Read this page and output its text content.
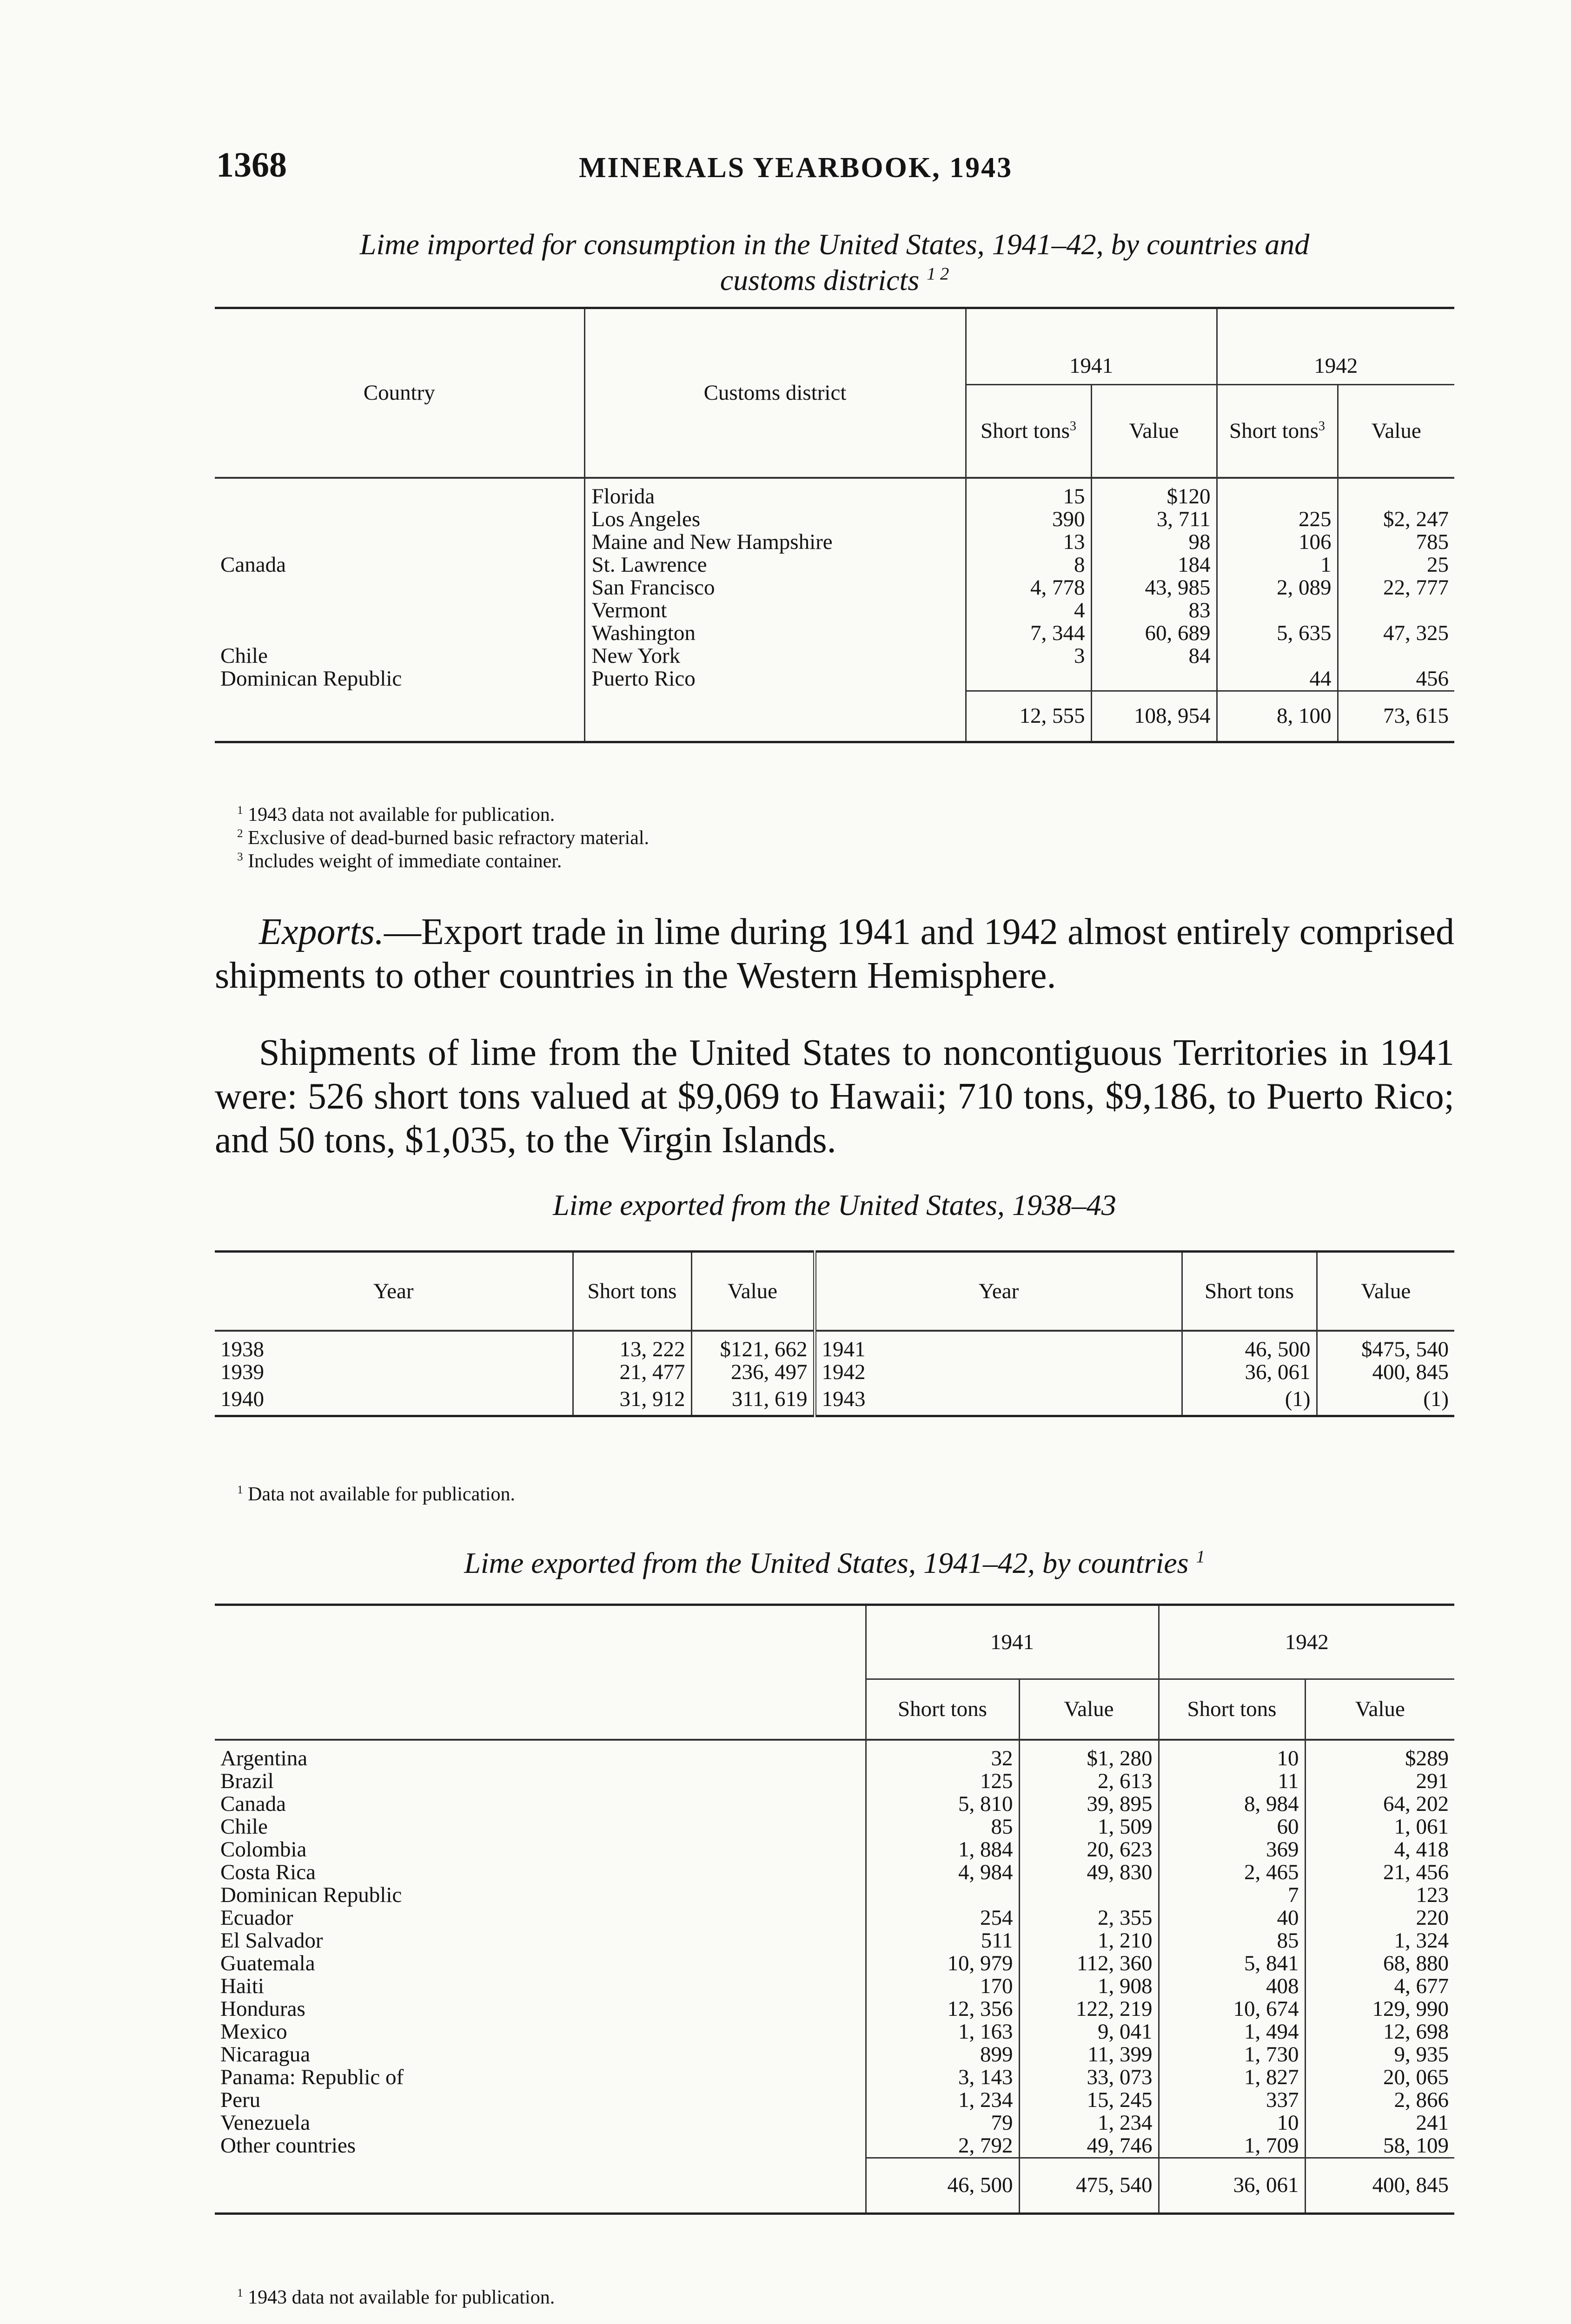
1368	MINERALS YEARBOOK, 1943
Lime imported for consumption in the United States, 1941–42, by countries and
customs districts $^{1 2}$
Country	Customs district	1941		1942	
		Short tons$^3$	Value	Short tons$^3$	Value
	Florida	15	$120		
	Los Angeles	390	3, 711	225	$2, 247
	Maine and New Hampshire	13	98	106	785
Canada	St. Lawrence	8	184	1	25
	San Francisco	4, 778	43, 985	2, 089	22, 777
	Vermont	4	83		
	Washington	7, 344	60, 689	5, 635	47, 325
Chile	New York	3	84		
Dominican Republic	Puerto Rico			44	456
		12, 555	108, 954	8, 100	73, 615
$^1$ 1943 data not available for publication.
$^2$ Exclusive of dead-burned basic refractory material.
$^3$ Includes weight of immediate container.
Exports.—Export trade in lime during 1941 and 1942 almost entirely comprised shipments to other countries in the Western Hemisphere.
Shipments of lime from the United States to noncontiguous Territories in 1941 were: 526 short tons valued at $9,069 to Hawaii; 710 tons, $9,186, to Puerto Rico; and 50 tons, $1,035, to the Virgin Islands.
Lime exported from the United States, 1938–43
Year	Short tons	Value	Year	Short tons	Value
1938	13, 222	$121, 662	1941	46, 500	$475, 540
1939	21, 477	236, 497	1942	36, 061	400, 845
1940	31, 912	311, 619	1943	(1)	(1)
$^1$ Data not available for publication.
Lime exported from the United States, 1941–42, by countries $^1$
	1941		1942	
	Short tons	Value	Short tons	Value
Argentina	32	$1, 280	10	$289
Brazil	125	2, 613	11	291
Canada	5, 810	39, 895	8, 984	64, 202
Chile	85	1, 509	60	1, 061
Colombia	1, 884	20, 623	369	4, 418
Costa Rica	4, 984	49, 830	2, 465	21, 456
Dominican Republic			7	123
Ecuador	254	2, 355	40	220
El Salvador	511	1, 210	85	1, 324
Guatemala	10, 979	112, 360	5, 841	68, 880
Haiti	170	1, 908	408	4, 677
Honduras	12, 356	122, 219	10, 674	129, 990
Mexico	1, 163	9, 041	1, 494	12, 698
Nicaragua	899	11, 399	1, 730	9, 935
Panama: Republic of	3, 143	33, 073	1, 827	20, 065
Peru	1, 234	15, 245	337	2, 866
Venezuela	79	1, 234	10	241
Other countries	2, 792	49, 746	1, 709	58, 109
	46, 500	475, 540	36, 061	400, 845
$^1$ 1943 data not available for publication.
